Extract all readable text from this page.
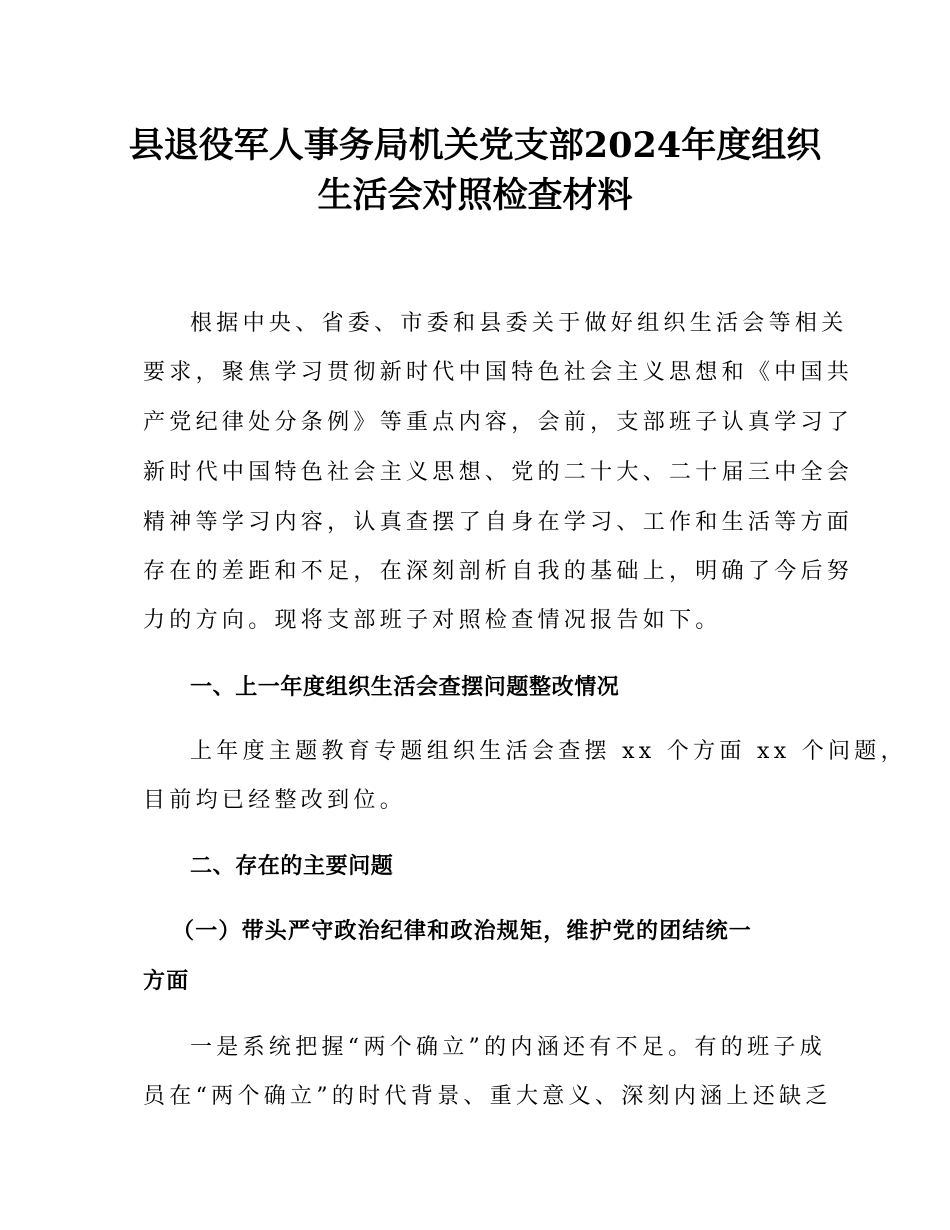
县退役军人事务局机关党支部2024年度组织
生活会对照检查材料

根据中央、省委、市委和县委关于做好组织生活会等相关

要求，聚焦学习贯彻新时代中国特色社会主义思想和《中国共

产党纪律处分条例》等重点内容，会前，支部班子认真学习了

新时代中国特色社会主义思想、党的二十大、二十届三中全会

精神等学习内容，认真查摆了自身在学习、工作和生活等方面

存在的差距和不足，在深刻剖析自我的基础上，明确了今后努

力的方向。现将支部班子对照检查情况报告如下。

一、上一年度组织生活会查摆问题整改情况

上年度主题教育专题组织生活会查摆 xx 个方面 xx 个问题，

目前均已经整改到位。

二、存在的主要问题

（一）带头严守政治纪律和政治规矩，维护党的团结统一

方面

一是系统把握“两个确立”的内涵还有不足。有的班子成

员在“两个确立”的时代背景、重大意义、深刻内涵上还缺乏
